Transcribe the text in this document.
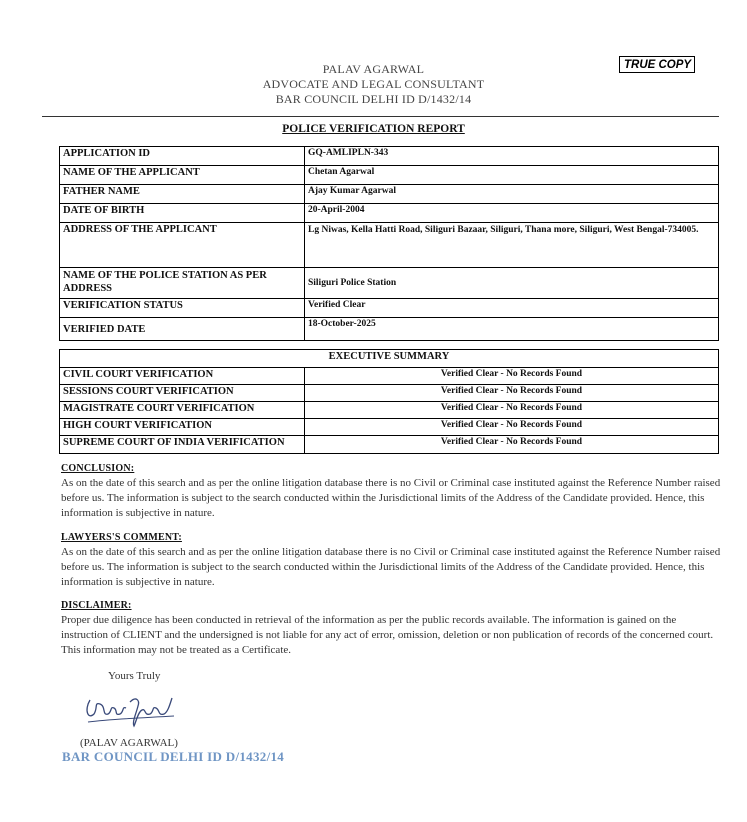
PALAV AGARWAL
ADVOCATE AND LEGAL CONSULTANT
BAR COUNCIL DELHI ID D/1432/14
TRUE COPY
POLICE VERIFICATION REPORT
APPLICATION ID	GQ-AMLIPLN-343
NAME OF THE APPLICANT	Chetan Agarwal
FATHER NAME	Ajay Kumar Agarwal
DATE OF BIRTH	20-April-2004
ADDRESS OF THE APPLICANT	Lg Niwas, Kella Hatti Road, Siliguri Bazaar, Siliguri, Thana more, Siliguri, West Bengal-734005.
NAME OF THE POLICE STATION AS PER ADDRESS	Siliguri Police Station
VERIFICATION STATUS	Verified Clear
VERIFIED DATE	18-October-2025
EXECUTIVE SUMMARY	
CIVIL COURT VERIFICATION	Verified Clear - No Records Found
SESSIONS COURT VERIFICATION	Verified Clear - No Records Found
MAGISTRATE COURT VERIFICATION	Verified Clear - No Records Found
HIGH COURT VERIFICATION	Verified Clear - No Records Found
SUPREME COURT OF INDIA VERIFICATION	Verified Clear - No Records Found
CONCLUSION:
As on the date of this search and as per the online litigation database there is no Civil or Criminal case instituted against the Reference Number raised before us. The information is subject to the search conducted within the Jurisdictional limits of the Address of the Candidate provided. Hence, this information is subjective in nature.
LAWYERS'S COMMENT:
As on the date of this search and as per the online litigation database there is no Civil or Criminal case instituted against the Reference Number raised before us. The information is subject to the search conducted within the Jurisdictional limits of the Address of the Candidate provided. Hence, this information is subjective in nature.
DISCLAIMER:
Proper due diligence has been conducted in retrieval of the information as per the public records available. The information is gained on the instruction of CLIENT and the undersigned is not liable for any act of error, omission, deletion or non publication of records of the concerned court. This information may not be treated as a Certificate.
Yours Truly
(PALAV AGARWAL)
BAR COUNCIL DELHI ID D/1432/14
